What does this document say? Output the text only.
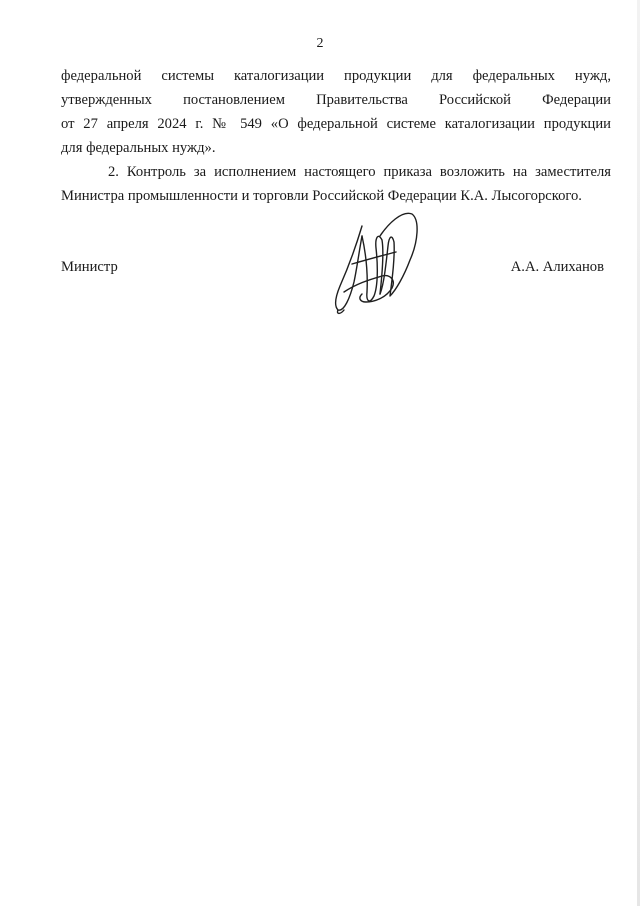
2
федеральной системы каталогизации продукции для федеральных нужд,
утвержденных постановлением Правительства Российской Федерации
от 27 апреля 2024 г. № 549 «О федеральной системе каталогизации продукции
для федеральных нужд».
2. Контроль за исполнением настоящего приказа возложить на заместителя
Министра промышленности и торговли Российской Федерации К.А. Лысогорского.
Министр	А.А. Алиханов
